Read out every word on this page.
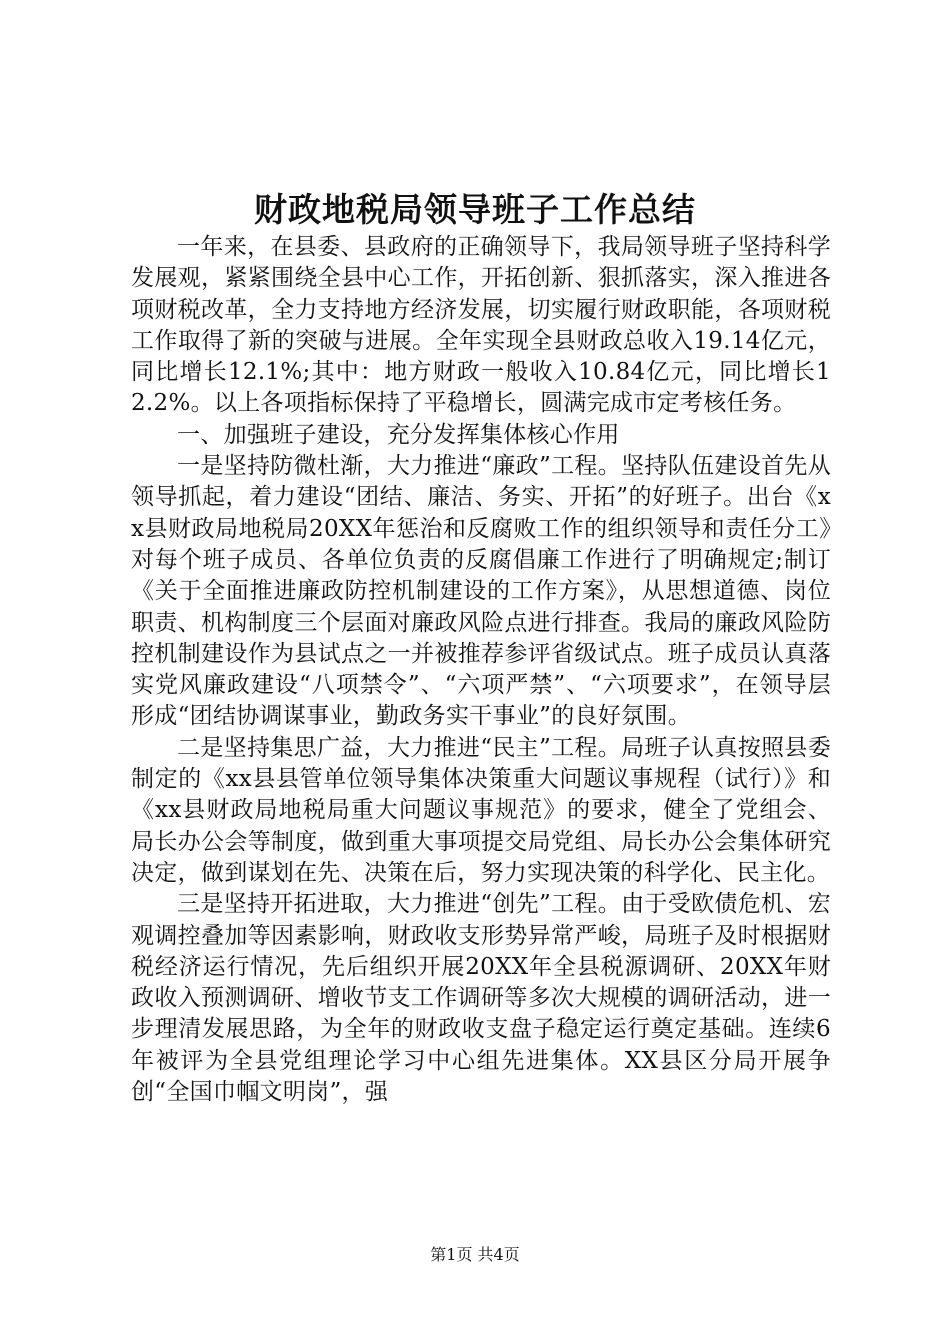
财政地税局领导班子工作总结

一年来，在县委、县政府的正确领导下，我局领导班子坚持科学发展观，紧紧围绕全县中心工作，开拓创新、狠抓落实，深入推进各项财税改革，全力支持地方经济发展，切实履行财政职能，各项财税工作取得了新的突破与进展。全年实现全县财政总收入19.14亿元，同比增长12.1%;其中：地方财政一般收入10.84亿元，同比增长12.2%。以上各项指标保持了平稳增长，圆满完成市定考核任务。

一、加强班子建设，充分发挥集体核心作用

一是坚持防微杜渐，大力推进“廉政”工程。坚持队伍建设首先从领导抓起，着力建设“团结、廉洁、务实、开拓”的好班子。出台《xx县财政局地税局20XX年惩治和反腐败工作的组织领导和责任分工》对每个班子成员、各单位负责的反腐倡廉工作进行了明确规定;制订《关于全面推进廉政防控机制建设的工作方案》，从思想道德、岗位职责、机构制度三个层面对廉政风险点进行排查。我局的廉政风险防控机制建设作为县试点之一并被推荐参评省级试点。班子成员认真落实党风廉政建设“八项禁令”、“六项严禁”、“六项要求”，在领导层形成“团结协调谋事业，勤政务实干事业”的良好氛围。

二是坚持集思广益，大力推进“民主”工程。局班子认真按照县委制定的《xx县县管单位领导集体决策重大问题议事规程（试行）》和《xx县财政局地税局重大问题议事规范》的要求，健全了党组会、局长办公会等制度，做到重大事项提交局党组、局长办公会集体研究决定，做到谋划在先、决策在后，努力实现决策的科学化、民主化。

三是坚持开拓进取，大力推进“创先”工程。由于受欧债危机、宏观调控叠加等因素影响，财政收支形势异常严峻，局班子及时根据财税经济运行情况，先后组织开展20XX年全县税源调研、20XX年财政收入预测调研、增收节支工作调研等多次大规模的调研活动，进一步理清发展思路，为全年的财政收支盘子稳定运行奠定基础。连续6年被评为全县党组理论学习中心组先进集体。XX县区分局开展争创“全国巾帼文明岗”，强

第1页 共4页
